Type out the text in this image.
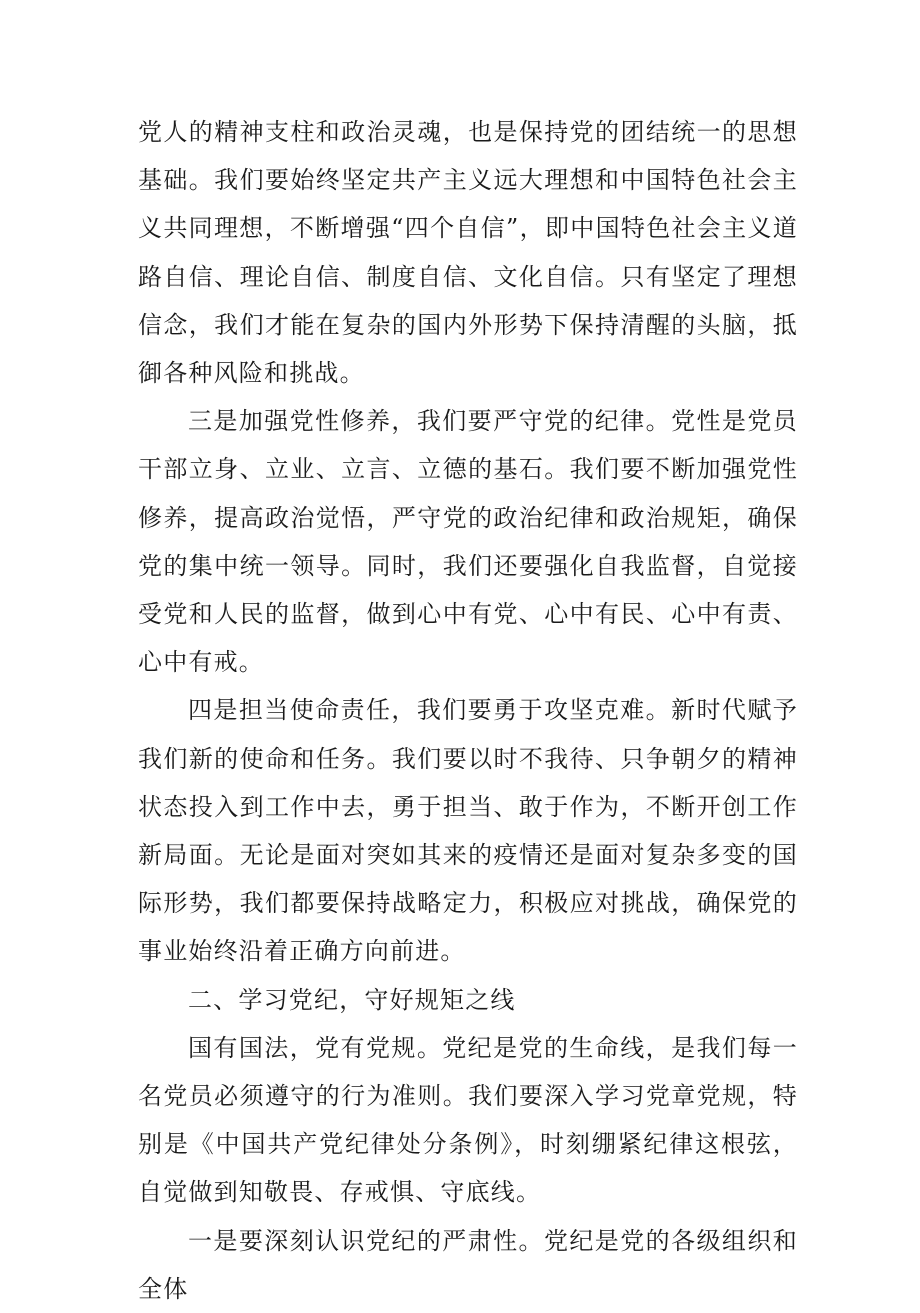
党人的精神支柱和政治灵魂，也是保持党的团结统一的思想基础。我们要始终坚定共产主义远大理想和中国特色社会主义共同理想，不断增强“四个自信”，即中国特色社会主义道路自信、理论自信、制度自信、文化自信。只有坚定了理想信念，我们才能在复杂的国内外形势下保持清醒的头脑，抵御各种风险和挑战。

三是加强党性修养，我们要严守党的纪律。党性是党员干部立身、立业、立言、立德的基石。我们要不断加强党性修养，提高政治觉悟，严守党的政治纪律和政治规矩，确保党的集中统一领导。同时，我们还要强化自我监督，自觉接受党和人民的监督，做到心中有党、心中有民、心中有责、心中有戒。

四是担当使命责任，我们要勇于攻坚克难。新时代赋予我们新的使命和任务。我们要以时不我待、只争朝夕的精神状态投入到工作中去，勇于担当、敢于作为，不断开创工作新局面。无论是面对突如其来的疫情还是面对复杂多变的国际形势，我们都要保持战略定力，积极应对挑战，确保党的事业始终沿着正确方向前进。

二、学习党纪，守好规矩之线

国有国法，党有党规。党纪是党的生命线，是我们每一名党员必须遵守的行为准则。我们要深入学习党章党规，特别是《中国共产党纪律处分条例》，时刻绷紧纪律这根弦，自觉做到知敬畏、存戒惧、守底线。

一是要深刻认识党纪的严肃性。党纪是党的各级组织和全体
